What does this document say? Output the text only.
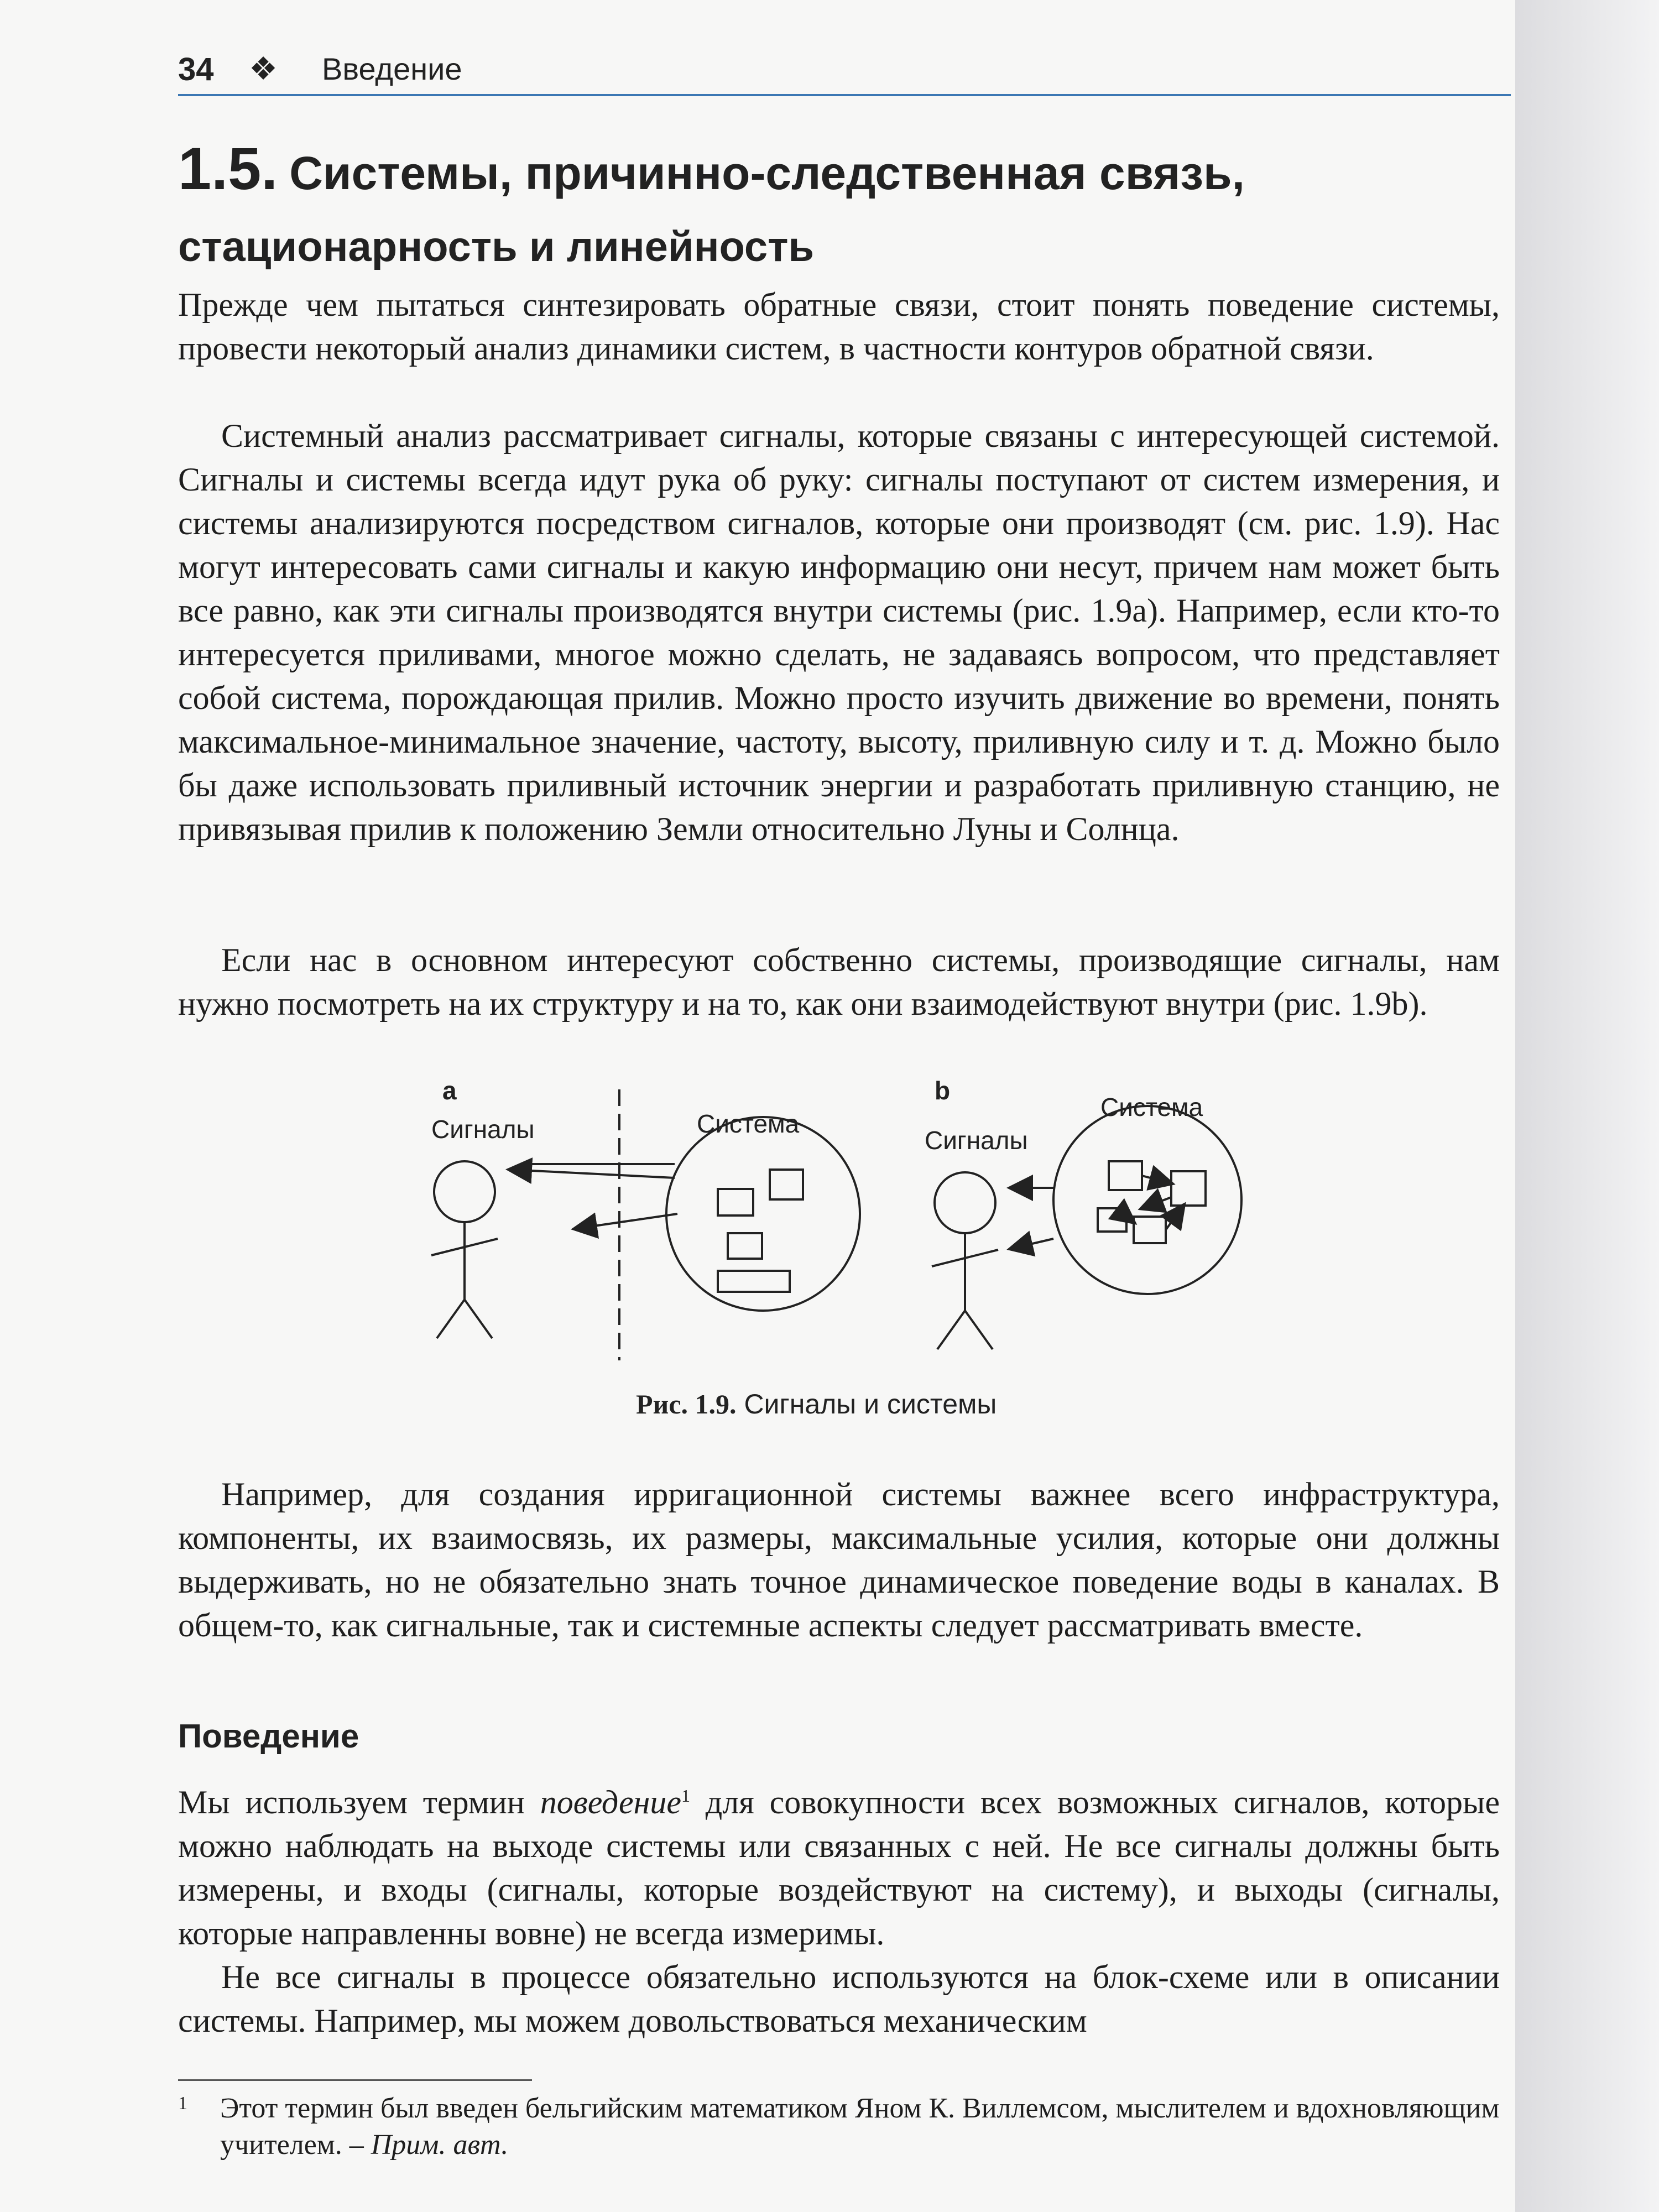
34 ❖ Введение
1.5. Системы, причинно-следственная связь,
стационарность и линейность

Прежде чем пытаться синтезировать обратные связи, стоит понять поведение системы, провести некоторый анализ динамики систем, в частности контуров обратной связи.

Системный анализ рассматривает сигналы, которые связаны с интересующей системой. Сигналы и системы всегда идут рука об руку: сигналы поступают от систем измерения, и системы анализируются посредством сигналов, которые они производят (см. рис. 1.9). Нас могут интересовать сами сигналы и какую информацию они несут, причем нам может быть все равно, как эти сигналы производятся внутри системы (рис. 1.9a). Например, если кто-то интересуется приливами, многое можно сделать, не задаваясь вопросом, что представляет собой система, порождающая прилив. Можно просто изучить движение во времени, понять максимальное-минимальное значение, частоту, высоту, приливную силу и т. д. Можно было бы даже использовать приливный источник энергии и разработать приливную станцию, не привязывая прилив к положению Земли относительно Луны и Солнца.

Если нас в основном интересуют собственно системы, производящие сигналы, нам нужно посмотреть на их структуру и на то, как они взаимодействуют внутри (рис. 1.9b).

a
Сигналы	Система
b
Сигналы
Система
Рис. 1.9. Сигналы и системы

Например, для создания ирригационной системы важнее всего инфраструктура, компоненты, их взаимосвязь, их размеры, максимальные усилия, которые они должны выдерживать, но не обязательно знать точное динамическое поведение воды в каналах. В общем-то, как сигнальные, так и системные аспекты следует рассматривать вместе.

Поведение

Мы используем термин поведение$^1$ для совокупности всех возможных сигналов, которые можно наблюдать на выходе системы или связанных с ней. Не все сигналы должны быть измерены, и входы (сигналы, которые воздействуют на систему), и выходы (сигналы, которые направленны вовне) не всегда измеримы.

Не все сигналы в процессе обязательно используются на блок-схеме или в описании системы. Например, мы можем довольствоваться механическим

1 Этот термин был введен бельгийским математиком Яном К. Виллемсом, мыслителем и вдохновляющим учителем. – Прим. авт.
